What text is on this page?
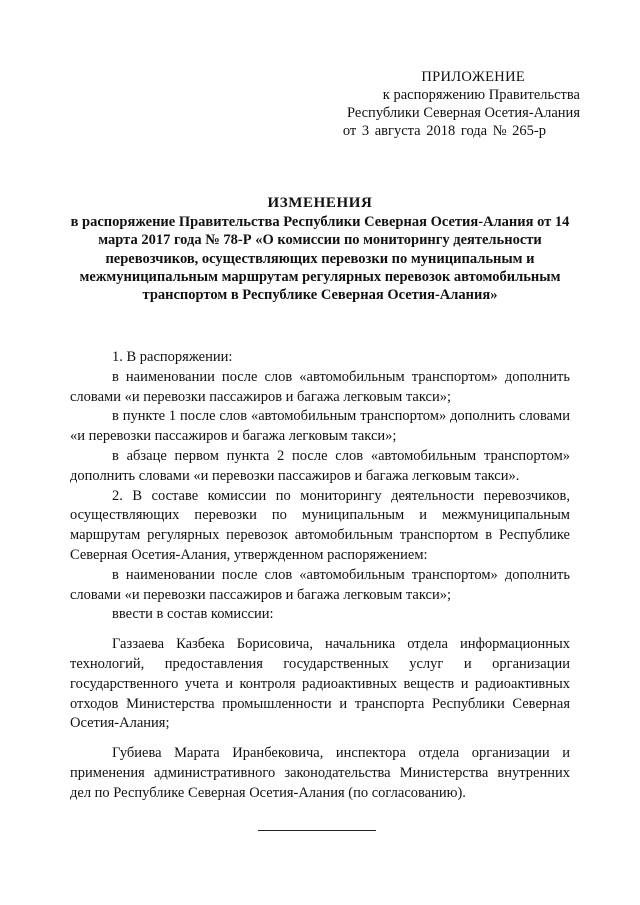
ПРИЛОЖЕНИЕ
к распоряжению Правительства
Республики Северная Осетия-Алания
от 3 августа 2018 года № 265-р
ИЗМЕНЕНИЯ
в распоряжение Правительства Республики Северная Осетия-Алания от 14 марта 2017 года № 78-Р «О комиссии по мониторингу деятельности перевозчиков, осуществляющих перевозки по муниципальным и межмуниципальным маршрутам регулярных перевозок автомобильным транспортом в Республике Северная Осетия-Алания»

1. В распоряжении:

в наименовании после слов «автомобильным транспортом» дополнить словами «и перевозки пассажиров и багажа легковым такси»;

в пункте 1 после слов «автомобильным транспортом» дополнить словами «и перевозки пассажиров и багажа легковым такси»;

в абзаце первом пункта 2 после слов «автомобильным транспортом» дополнить словами «и перевозки пассажиров и багажа легковым такси».

2. В составе комиссии по мониторингу деятельности перевозчиков, осуществляющих перевозки по муниципальным и межмуниципальным маршрутам регулярных перевозок автомобильным транспортом в Республике Северная Осетия-Алания, утвержденном распоряжением:

в наименовании после слов «автомобильным транспортом» дополнить словами «и перевозки пассажиров и багажа легковым такси»;

ввести в состав комиссии:

Газзаева Казбека Борисовича, начальника отдела информационных технологий, предоставления государственных услуг и организации государственного учета и контроля радиоактивных веществ и радиоактивных отходов Министерства промышленности и транспорта Республики Северная Осетия-Алания;

Губиева Марата Иранбековича, инспектора отдела организации и применения административного законодательства Министерства внутренних дел по Республике Северная Осетия-Алания (по согласованию).
